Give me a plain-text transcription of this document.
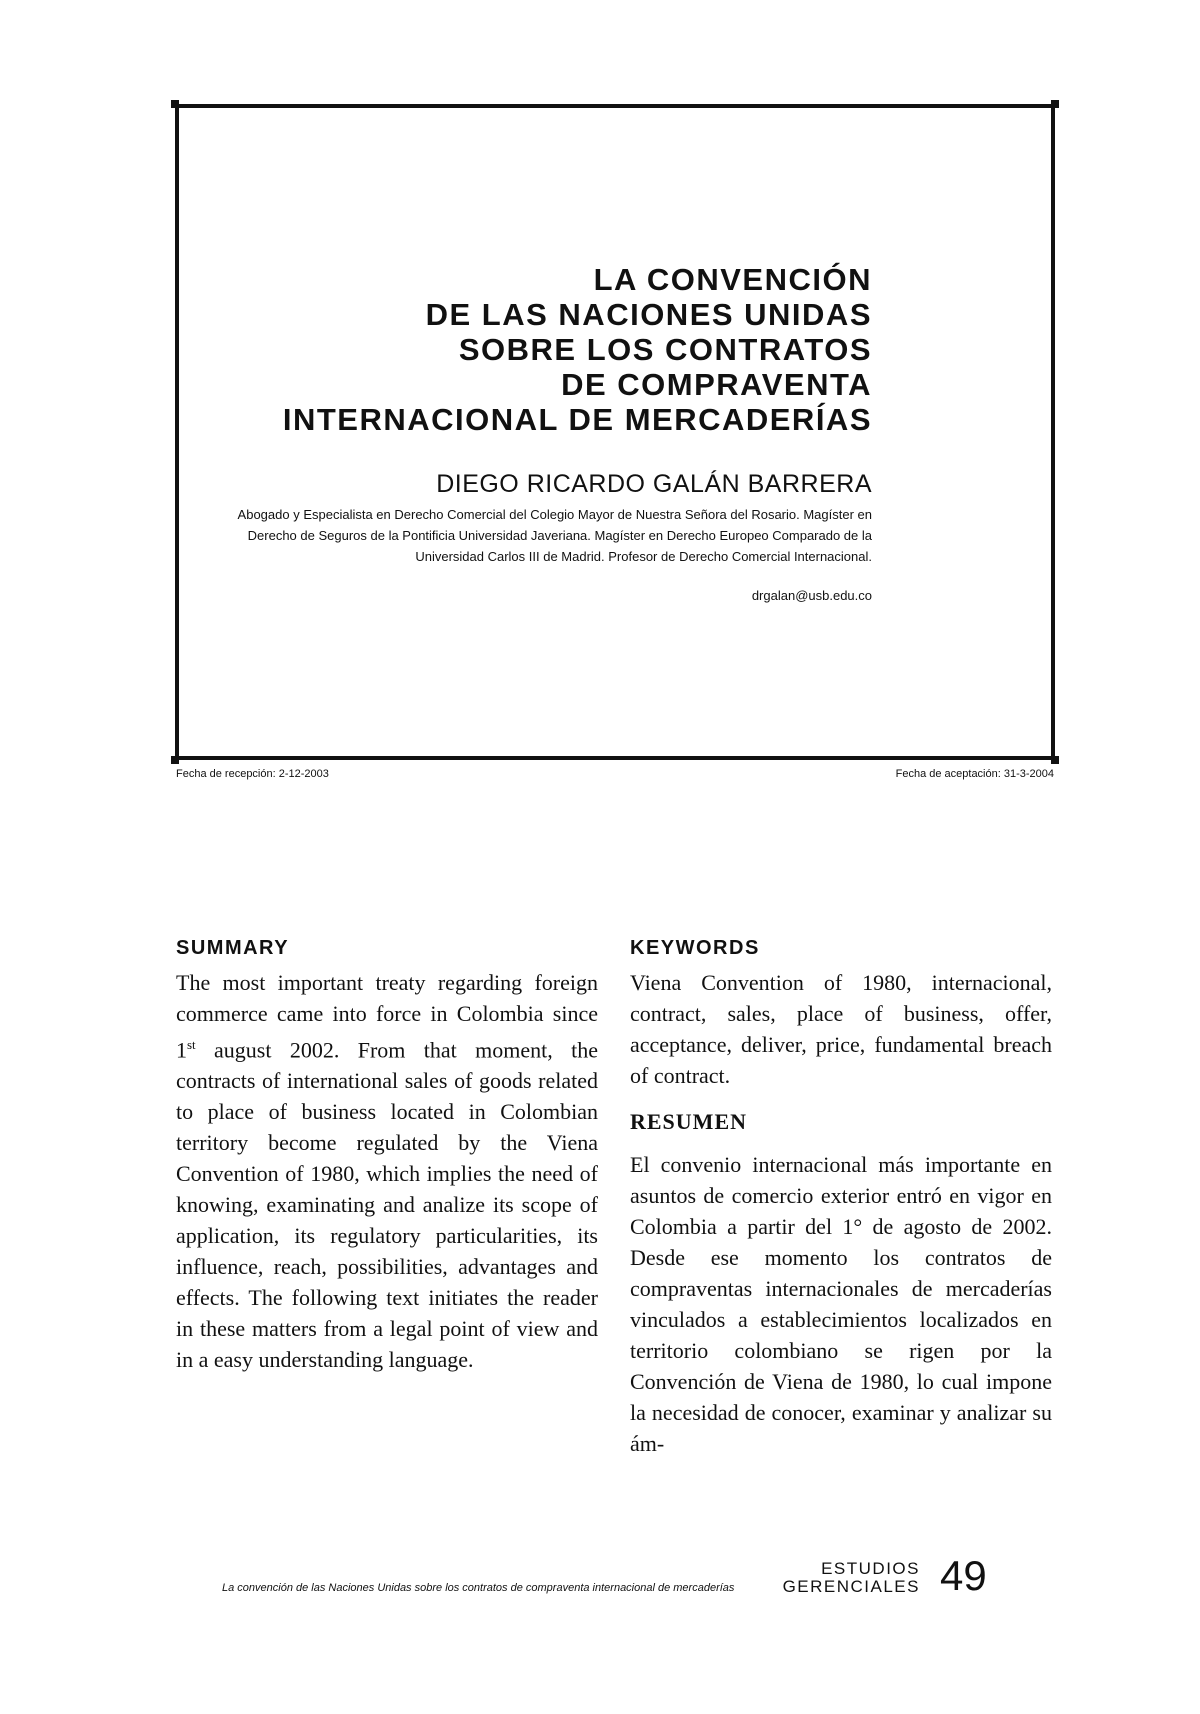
LA CONVENCIÓN
DE LAS NACIONES UNIDAS
SOBRE LOS CONTRATOS
DE COMPRAVENTA
INTERNACIONAL DE MERCADERÍAS
DIEGO RICARDO GALÁN BARRERA
Abogado y Especialista en Derecho Comercial del Colegio Mayor de Nuestra Señora del Rosario. Magíster en Derecho de Seguros de la Pontificia Universidad Javeriana. Magíster en Derecho Europeo Comparado de la Universidad Carlos III de Madrid. Profesor de Derecho Comercial Internacional.
drgalan@usb.edu.co
Fecha de recepción: 2-12-2003	Fecha de aceptación: 31-3-2004
SUMMARY

The most important treaty regarding foreign commerce came into force in Colombia since 1st august 2002. From that moment, the contracts of international sales of goods related to place of business located in Colombian territory become regulated by the Viena Convention of 1980, which implies the need of knowing, examinating and analize its scope of application, its regulatory particularities, its influence, reach, possibilities, advantages and effects. The following text initiates the reader in these matters from a legal point of view and in a easy understanding language.

KEYWORDS

Viena Convention of 1980, internacional, contract, sales, place of business, offer, acceptance, deliver, price, fundamental breach of contract.

RESUMEN

El convenio internacional más importante en asuntos de comercio exterior entró en vigor en Colombia a partir del 1° de agosto de 2002. Desde ese momento los contratos de compraventas internacionales de mercaderías vinculados a establecimientos localizados en territorio colombiano se rigen por la Convención de Viena de 1980, lo cual impone la necesidad de conocer, examinar y analizar su ám-

La convención de las Naciones Unidas sobre los contratos de compraventa internacional de mercaderías
ESTUDIOS
GERENCIALES 49
